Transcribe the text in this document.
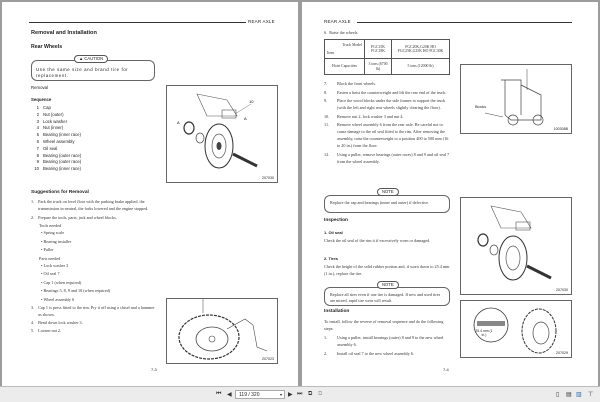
REAR AXLE
Removal and Installation
Rear Wheels
Use the same size and brand tire for replacement.
▲ CAUTION
Removal
Sequence
1 Cap
2 Nut (outer)
3 Lock washer
4 Nut (inner)
5 Bearing (inner race)
6 Wheel assembly
7 Oil seal
8 Bearing (outer race)
9 Bearing (outer race)
10 Bearing (inner race)
10
A
A
207030
Suggestions for Removal
1. Park the truck on level floor with the parking brake applied, the transmission in neutral, the forks lowered and the engine stopped.
2. Prepare the tools, parts, jack and wheel blocks.
Tools needed
• Spring scale
• Bearing installer
• Puller
Parts needed
• Lock washer 3
• Oil seal 7
• Cap 1 (when required)
• Bearings 5, 8, 9 and 10 (when required)
• Wheel assembly 6
3. Cap 1 is press fitted to the rim. Pry it off using a chisel and a hammer as shown.
4. Bend down lock washer 3.
5. Loosen nut 2.
207023
7-3
REAR AXLE
6.  Raise the wheels.
Truck Model
Item	FGC15K FGC18K	FGC20K,G20K HO FGC25K,G25K HO FGC30K
Hoist Capacities	3 tons (6700 lb)	5 tons (12000 lb)
7.	Block the front wheels.
8.	Fasten a hoist the counterweight and lift the rear end of the truck.
9.	Place the wood blocks under the side frames to support the truck (with the left and right rear wheels slightly clearing the floor).
10.	Remove nut 2, lock washer 3 and nut 4.
11.	Remove wheel assembly 6 from the rear axle. Be careful not to cause damage to the oil seal fitted to the rim. After removing the assembly, raise the counterweight to a position 400 to 500 mm (16 to 20 in.) from the floor.
12.	Using a puller, remove bearings (outer races) 8 and 9 and oil seal 7 from the wheel assembly.
Replace the cap and bearings (inner and outer) if defective.
NOTE
Inspection
1. Oil seal
Check the oil seal of the rim it if excessively worn or damaged.
2. Tires
Check the height of the solid rubber portion and, if worn down to 25.4 mm (1 in.), replace the tire.
Replace all tires even if one tire is damaged. If new and used tires are mixed, rapid tire wear will result.
NOTE
Installation
To install, follow the reverse of removal sequence and do the following steps:
1.	Using a puller, install bearings (outer) 8 and 9 to the new wheel assembly 6.
2.	Install oil seal 7 to the new wheel assembly 6.
Blocks
100308B
207030
25.4 mm (1 in.)
207029
7-4
⏮ ◀	119 / 320	▾ ▶ ⏭ ⧉ ⧉	▯ ▤ ▥ ⊤
